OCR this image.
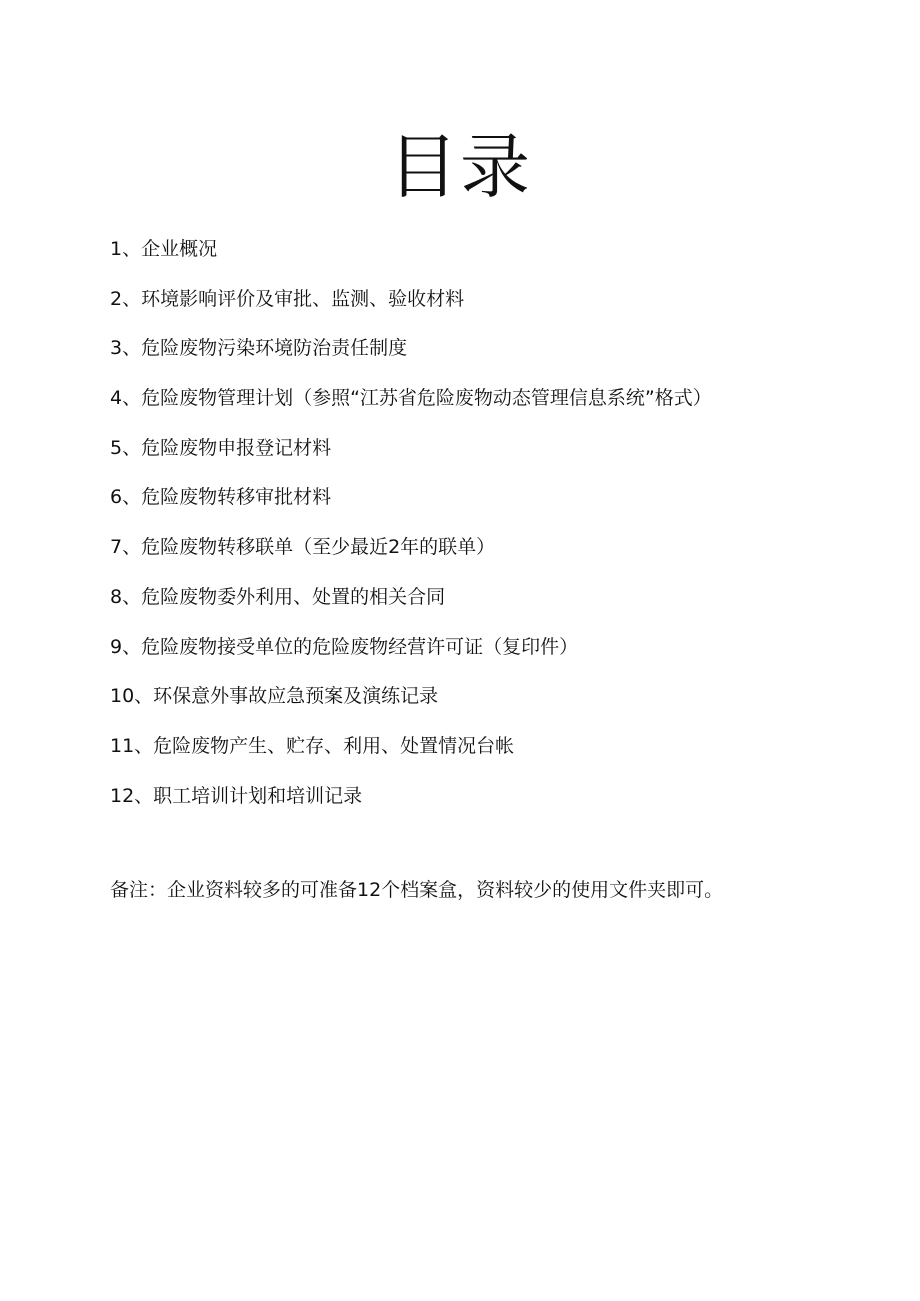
目录
1、企业概况
2、环境影响评价及审批、监测、验收材料
3、危险废物污染环境防治责任制度
4、危险废物管理计划（参照“江苏省危险废物动态管理信息系统”格式）
5、危险废物申报登记材料
6、危险废物转移审批材料
7、危险废物转移联单（至少最近2年的联单）
8、危险废物委外利用、处置的相关合同
9、危险废物接受单位的危险废物经营许可证（复印件）
10、环保意外事故应急预案及演练记录
11、危险废物产生、贮存、利用、处置情况台帐
12、职工培训计划和培训记录

备注：企业资料较多的可准备12个档案盒，资料较少的使用文件夹即可。
